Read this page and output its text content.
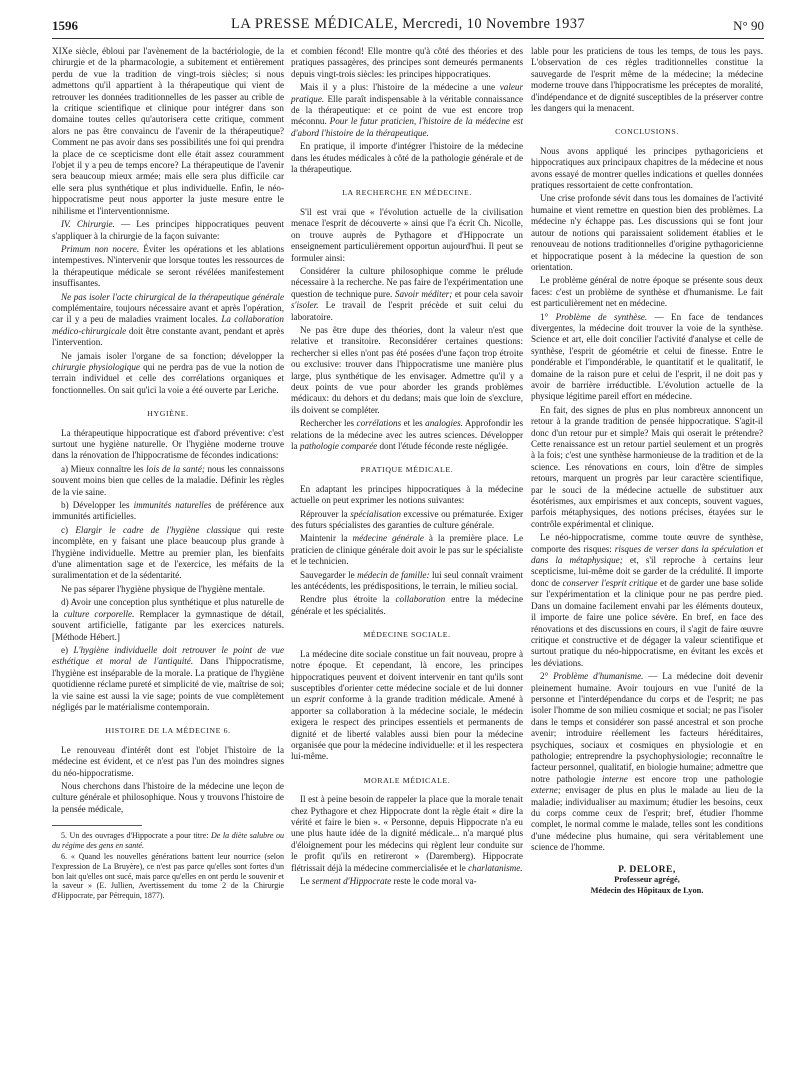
1596	LA PRESSE MÉDICALE, Mercredi, 10 Novembre 1937	N° 90

XIXe siècle, ébloui par l'avènement de la bactériologie, de la chirurgie et de la pharmacologie, a subitement et entièrement perdu de vue la tradition de vingt-trois siècles; si nous admettons qu'il appartient à la thérapeutique qui vient de retrouver les données traditionnelles de les passer au crible de la critique scientifique et clinique pour intégrer dans son domaine toutes celles qu'autorisera cette critique, comment alors ne pas être convaincu de l'avenir de la thérapeutique? Comment ne pas avoir dans ses possibilités une foi qui prendra la place de ce scepticisme dont elle était assez couramment l'objet il y a peu de temps encore? La thérapeutique de l'avenir sera beaucoup mieux armée; mais elle sera plus difficile car elle sera plus synthétique et plus individuelle. Enfin, le néo-hippocratisme peut nous apporter la juste mesure entre le nihilisme et l'interventionnisme.

IV. Chirurgie. — Les principes hippocratiques peuvent s'appliquer à la chirurgie de la façon suivante:

Primum non nocere. Éviter les opérations et les ablations intempestives. N'intervenir que lorsque toutes les ressources de la thérapeutique médicale se seront révélées manifestement insuffisantes.

Ne pas isoler l'acte chirurgical de la thérapeutique générale complémentaire, toujours nécessaire avant et après l'opération, car il y a peu de maladies vraiment locales. La collaboration médico-chirurgicale doit être constante avant, pendant et après l'intervention.

Ne jamais isoler l'organe de sa fonction; développer la chirurgie physiologique qui ne perdra pas de vue la notion de terrain individuel et celle des corrélations organiques et fonctionnelles. On sait qu'ici la voie a été ouverte par Leriche.

HYGIÈNE.

La thérapeutique hippocratique est d'abord préventive: c'est surtout une hygiène naturelle. Or l'hygiène moderne trouve dans la rénovation de l'hippocratisme de fécondes indications:

a) Mieux connaître les lois de la santé; nous les connaissons souvent moins bien que celles de la maladie. Définir les règles de la vie saine.

b) Développer les immunités naturelles de préférence aux immunités artificielles.

c) Elargir le cadre de l'hygiène classique qui reste incomplète, en y faisant une place beaucoup plus grande à l'hygiène individuelle. Mettre au premier plan, les bienfaits d'une alimentation sage et de l'exercice, les méfaits de la suralimentation et de la sédentarité.

Ne pas séparer l'hygiène physique de l'hygiène mentale.

d) Avoir une conception plus synthétique et plus naturelle de la culture corporelle. Remplacer la gymnastique de détail, souvent artificielle, fatigante par les exercices naturels. [Méthode Hébert.]

e) L'hygiène individuelle doit retrouver le point de vue esthétique et moral de l'antiquité. Dans l'hippocratisme, l'hygiène est inséparable de la morale. La pratique de l'hygiène quotidienne réclame pureté et simplicité de vie, maîtrise de soi; la vie saine est aussi la vie sage; points de vue complètement négligés par le matérialisme contemporain.

HISTOIRE DE LA MÉDECINE 6.

Le renouveau d'intérêt dont est l'objet l'histoire de la médecine est évident, et ce n'est pas l'un des moindres signes du néo-hippocratisme.

Nous cherchons dans l'histoire de la médecine une leçon de culture générale et philosophique. Nous y trouvons l'histoire de la pensée médicale,

5. Un des ouvrages d'Hippocrate a pour titre: De la diète salubre ou du régime des gens en santé.

6. « Quand les nouvelles générations battent leur nourrice (selon l'expression de La Bruyère), ce n'est pas parce qu'elles sont fortes d'un bon lait qu'elles ont sucé, mais parce qu'elles en ont perdu le souvenir et la saveur » (E. Jullien, Avertissement du tome 2 de la Chirurgie d'Hippocrate, par Pétrequin, 1877).

et combien fécond! Elle montre qu'à côté des théories et des pratiques passagères, des principes sont demeurés permanents depuis vingt-trois siècles: les principes hippocratiques.

Mais il y a plus: l'histoire de la médecine a une valeur pratique. Elle paraît indispensable à la véritable connaissance de la thérapeutique: et ce point de vue est encore trop méconnu. Pour le futur praticien, l'histoire de la médecine est d'abord l'histoire de la thérapeutique.

En pratique, il importe d'intégrer l'histoire de la médecine dans les études médicales à côté de la pathologie générale et de la thérapeutique.

LA RECHERCHE EN MÉDECINE.

S'il est vrai que « l'évolution actuelle de la civilisation menace l'esprit de découverte » ainsi que l'a écrit Ch. Nicolle, on trouve auprès de Pythagore et d'Hippocrate un enseignement particulièrement opportun aujourd'hui. Il peut se formuler ainsi:

Considérer la culture philosophique comme le prélude nécessaire à la recherche. Ne pas faire de l'expérimentation une question de technique pure. Savoir méditer; et pour cela savoir s'isoler. Le travail de l'esprit précède et suit celui du laboratoire.

Ne pas être dupe des théories, dont la valeur n'est que relative et transitoire. Reconsidérer certaines questions: rechercher si elles n'ont pas été posées d'une façon trop étroite ou exclusive: trouver dans l'hippocratisme une manière plus large, plus synthétique de les envisager. Admettre qu'il y a deux points de vue pour aborder les grands problèmes médicaux: du dehors et du dedans; mais que loin de s'exclure, ils doivent se compléter.

Rechercher les corrélations et les analogies. Approfondir les relations de la médecine avec les autres sciences. Développer la pathologie comparée dont l'étude féconde reste négligée.

PRATIQUE MÉDICALE.

En adaptant les principes hippocratiques à la médecine actuelle on peut exprimer les notions suivantes:

Réprouver la spécialisation excessive ou prématurée. Exiger des futurs spécialistes des garanties de culture générale.

Maintenir la médecine générale à la première place. Le praticien de clinique générale doit avoir le pas sur le spécialiste et le technicien.

Sauvegarder le médecin de famille: lui seul connaît vraiment les antécédents, les prédispositions, le terrain, le milieu social.

Rendre plus étroite la collaboration entre la médecine générale et les spécialités.

MÉDECINE SOCIALE.

La médecine dite sociale constitue un fait nouveau, propre à notre époque. Et cependant, là encore, les principes hippocratiques peuvent et doivent intervenir en tant qu'ils sont susceptibles d'orienter cette médecine sociale et de lui donner un esprit conforme à la grande tradition médicale. Amené à apporter sa collaboration à la médecine sociale, le médecin exigera le respect des principes essentiels et permanents de dignité et de liberté valables aussi bien pour la médecine organisée que pour la médecine individuelle: et il les respectera lui-même.

MORALE MÉDICALE.

Il est à peine besoin de rappeler la place que la morale tenait chez Pythagore et chez Hippocrate dont la règle était « dire la vérité et faire le bien ». « Personne, depuis Hippocrate n'a eu une plus haute idée de la dignité médicale... n'a marqué plus d'éloignement pour les médecins qui règlent leur conduite sur le profit qu'ils en retireront » (Daremberg). Hippocrate flétrissait déjà la médecine commercialisée et le charlatanisme.

Le serment d'Hippocrate reste le code moral va-

lable pour les praticiens de tous les temps, de tous les pays. L'observation de ces règles traditionnelles constitue la sauvegarde de l'esprit même de la médecine; la médecine moderne trouve dans l'hippocratisme les préceptes de moralité, d'indépendance et de dignité susceptibles de la préserver contre les dangers qui la menacent.

CONCLUSIONS.

Nous avons appliqué les principes pythagoriciens et hippocratiques aux principaux chapitres de la médecine et nous avons essayé de montrer quelles indications et quelles données pratiques ressortaient de cette confrontation.

Une crise profonde sévit dans tous les domaines de l'activité humaine et vient remettre en question bien des problèmes. La médecine n'y échappe pas. Les discussions qui se font jour autour de notions qui paraissaient solidement établies et le renouveau de notions traditionnelles d'origine pythagoricienne et hippocratique posent à la médecine la question de son orientation.

Le problème général de notre époque se présente sous deux faces: c'est un problème de synthèse et d'humanisme. Le fait est particulièrement net en médecine.

1° Problème de synthèse. — En face de tendances divergentes, la médecine doit trouver la voie de la synthèse. Science et art, elle doit concilier l'activité d'analyse et celle de synthèse, l'esprit de géométrie et celui de finesse. Entre le pondérable et l'impondérable, le quantitatif et le qualitatif, le domaine de la raison pure et celui de l'esprit, il ne doit pas y avoir de barrière irréductible. L'évolution actuelle de la physique légitime pareil effort en médecine.

En fait, des signes de plus en plus nombreux annoncent un retour à la grande tradition de pensée hippocratique. S'agit-il donc d'un retour pur et simple? Mais qui oserait le prétendre? Cette renaissance est un retour partiel seulement et un progrès à la fois; c'est une synthèse harmonieuse de la tradition et de la science. Les rénovations en cours, loin d'être de simples retours, marquent un progrès par leur caractère scientifique, par le souci de la médecine actuelle de substituer aux ésotérismes, aux empirismes et aux concepts, souvent vagues, parfois métaphysiques, des notions précises, étayées sur le contrôle expérimental et clinique.

Le néo-hippocratisme, comme toute œuvre de synthèse, comporte des risques: risques de verser dans la spéculation et dans la métaphysique; et, s'il reproche à certains leur scepticisme, lui-même doit se garder de la crédulité. Il importe donc de conserver l'esprit critique et de garder une base solide sur l'expérimentation et la clinique pour ne pas perdre pied. Dans un domaine facilement envahi par les éléments douteux, il importe de faire une police sévère. En bref, en face des rénovations et des discussions en cours, il s'agit de faire œuvre critique et constructive et de dégager la valeur scientifique et surtout pratique du néo-hippocratisme, en évitant les excès et les déviations.

2° Problème d'humanisme. — La médecine doit devenir pleinement humaine. Avoir toujours en vue l'unité de la personne et l'interdépendance du corps et de l'esprit; ne pas isoler l'homme de son milieu cosmique et social; ne pas l'isoler dans le temps et considérer son passé ancestral et son proche avenir; introduire réellement les facteurs héréditaires, psychiques, sociaux et cosmiques en physiologie et en pathologie; entreprendre la psychophysiologie; reconnaître le facteur personnel, qualitatif, en biologie humaine; admettre que notre pathologie interne est encore trop une pathologie externe; envisager de plus en plus le malade au lieu de la maladie; individualiser au maximum; étudier les besoins, ceux du corps comme ceux de l'esprit; bref, étudier l'homme complet, le normal comme le malade, telles sont les conditions d'une médecine plus humaine, qui sera véritablement une science de l'homme.

P. DELORE,
Professeur agrégé,
Médecin des Hôpitaux de Lyon.
